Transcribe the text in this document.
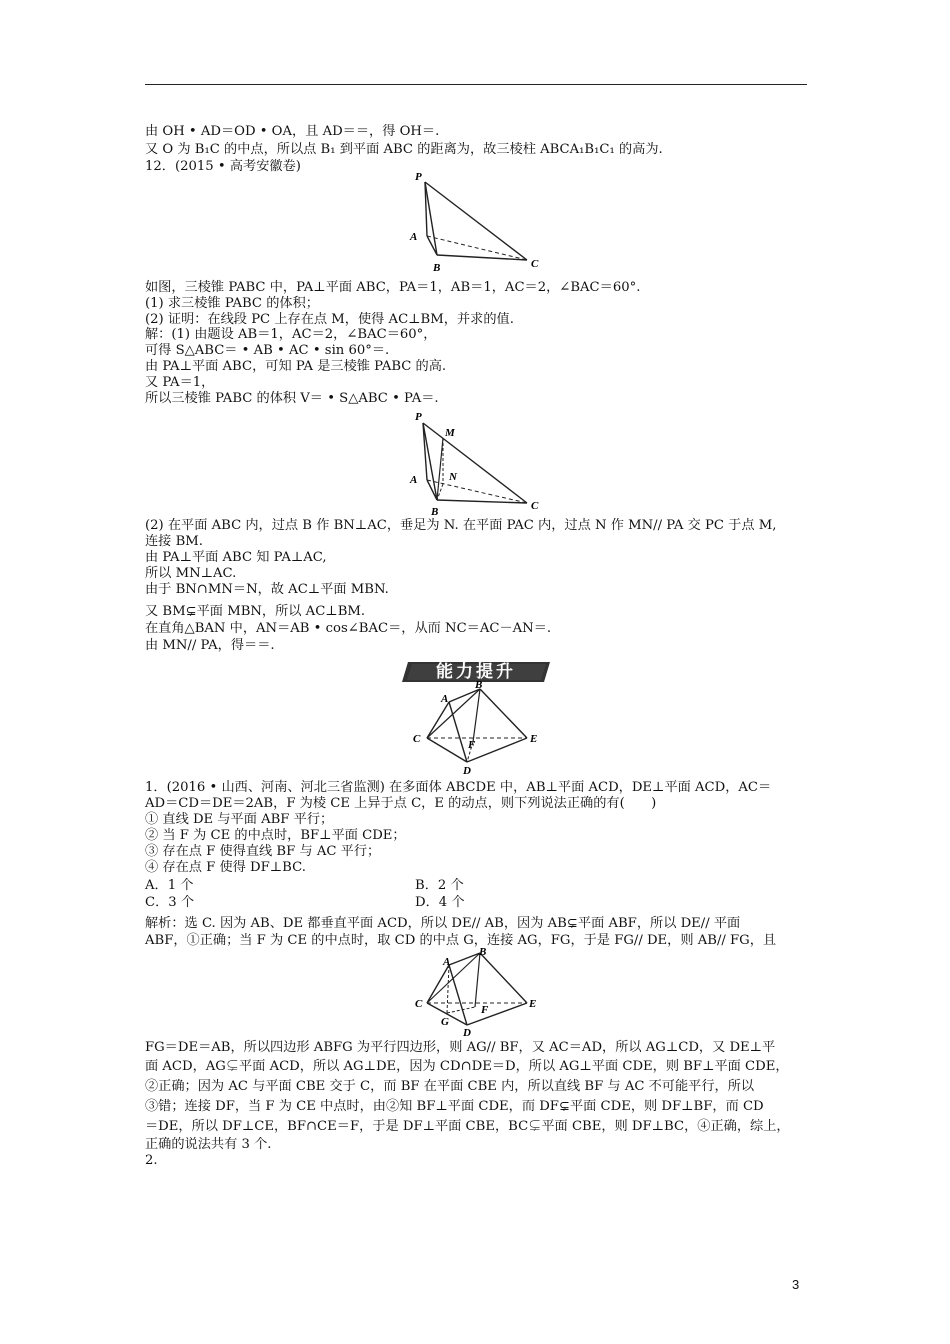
由 OH • AD＝OD • OA，且 AD＝＝，得 OH＝.
又 O 为 B₁C 的中点，所以点 B₁ 到平面 ABC 的距离为，故三棱柱 ABCA₁B₁C₁ 的高为.
12．(2015 • 高考安徽卷)
P
A
B	C
如图，三棱锥 PABC 中，PA⊥平面 ABC，PA＝1，AB＝1，AC＝2，∠BAC＝60°.
(1) 求三棱锥 PABC 的体积；
(2) 证明：在线段 PC 上存在点 M，使得 AC⊥BM，并求的值.
解：(1) 由题设 AB＝1，AC＝2，∠BAC＝60°，
可得 S△ABC＝ • AB • AC • sin 60°＝.
由 PA⊥平面 ABC，可知 PA 是三棱锥 PABC 的高.
又 PA＝1，
所以三棱锥 PABC 的体积 V＝ • S△ABC • PA＝.
P
M
N
A
B	C
(2) 在平面 ABC 内，过点 B 作 BN⊥AC，垂足为 N. 在平面 PAC 内，过点 N 作 MN// PA 交 PC 于点 M,
连接 BM.
由 PA⊥平面 ABC 知 PA⊥AC,
所以 MN⊥AC.
由于 BN∩MN＝N，故 AC⊥平面 MBN.
又 BM⊊平面 MBN，所以 AC⊥BM.
在直角△BAN 中，AN＝AB • cos∠BAC＝，从而 NC＝AC－AN＝.
由 MN// PA，得＝＝.
能力提升
A
B
C	E
F
D
1．(2016 • 山西、河南、河北三省监测) 在多面体 ABCDE 中，AB⊥平面 ACD，DE⊥平面 ACD，AC＝
AD＝CD＝DE＝2AB，F 为棱 CE 上异于点 C，E 的动点，则下列说法正确的有(　　)
① 直线 DE 与平面 ABF 平行；
② 当 F 为 CE 的中点时，BF⊥平面 CDE；
③ 存在点 F 使得直线 BF 与 AC 平行；
④ 存在点 F 使得 DF⊥BC.
A．1 个	B．2 个
C．3 个	D．4 个
解析：选 C. 因为 AB、DE 都垂直平面 ACD，所以 DE// AB，因为 AB⊊平面 ABF，所以 DE// 平面
ABF，①正确；当 F 为 CE 的中点时，取 CD 的中点 G，连接 AG，FG，于是 FG// DE，则 AB// FG，且
A
B
C	E
F
G
D
FG＝DE＝AB，所以四边形 ABFG 为平行四边形，则 AG// BF，又 AC＝AD，所以 AG⊥CD，又 DE⊥平
面 ACD，AG⊊平面 ACD，所以 AG⊥DE，因为 CD∩DE＝D，所以 AG⊥平面 CDE，则 BF⊥平面 CDE，
②正确；因为 AC 与平面 CBE 交于 C，而 BF 在平面 CBE 内，所以直线 BF 与 AC 不可能平行，所以
③错；连接 DF，当 F 为 CE 中点时，由②知 BF⊥平面 CDE，而 DF⊊平面 CDE，则 DF⊥BF，而 CD
＝DE，所以 DF⊥CE，BF∩CE＝F，于是 DF⊥平面 CBE，BC⊊平面 CBE，则 DF⊥BC，④正确，综上，
正确的说法共有 3 个.
2.
3
